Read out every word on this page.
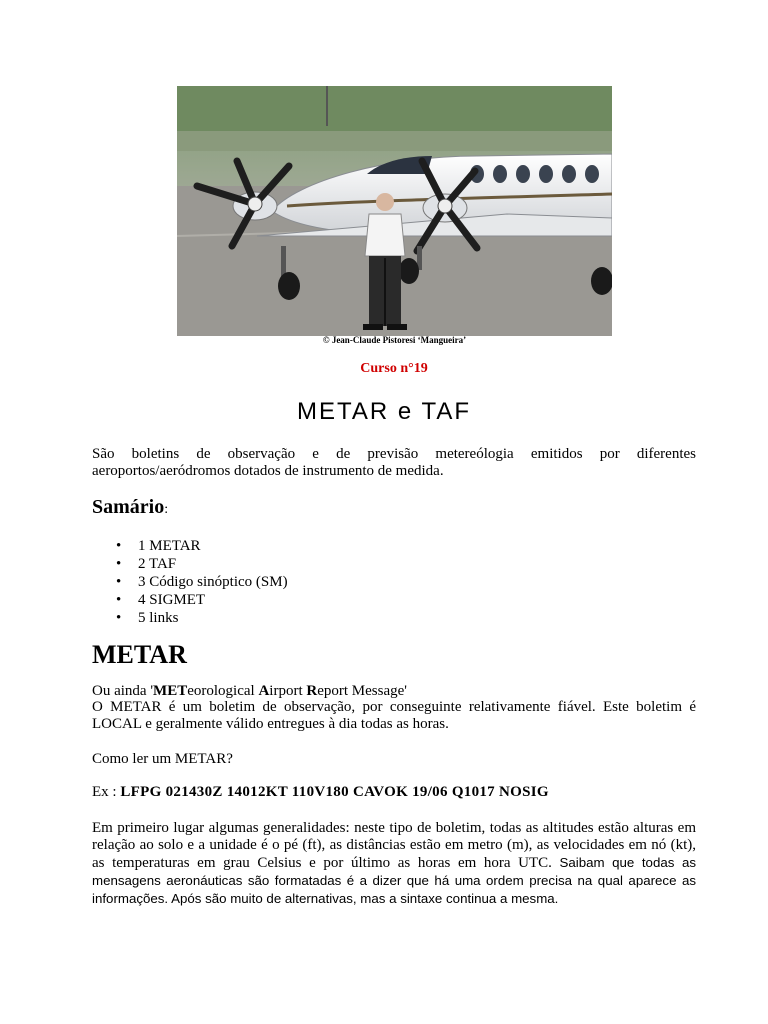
© Jean-Claude Pistoresi ‘Mangueira’
Curso n°19
METAR e TAF
São boletins de observação e de previsão metereólogia emitidos por diferentes aeroportos/aeródromos dotados de instrumento de medida.
Samário:
• 1 METAR
• 2 TAF
• 3 Código sinóptico (SM)
• 4 SIGMET
• 5 links
METAR
Ou ainda 'METeorological Airport Report Message'
O METAR é um boletim de observação, por conseguinte relativamente fiável. Este boletim é LOCAL e geralmente válido entregues à dia todas as horas.
Como ler um METAR?
Ex : LFPG 021430Z 14012KT 110V180 CAVOK 19/06 Q1017 NOSIG
Em primeiro lugar algumas generalidades: neste tipo de boletim, todas as altitudes estão alturas em relação ao solo e a unidade é o pé (ft), as distâncias estão em metro (m), as velocidades em nó (kt), as temperaturas em grau Celsius e por último as horas em hora UTC. Saibam que todas as mensagens aeronáuticas são formatadas é a dizer que há uma ordem precisa na qual aparece as informações. Após são muito de alternativas, mas a sintaxe continua a mesma.
